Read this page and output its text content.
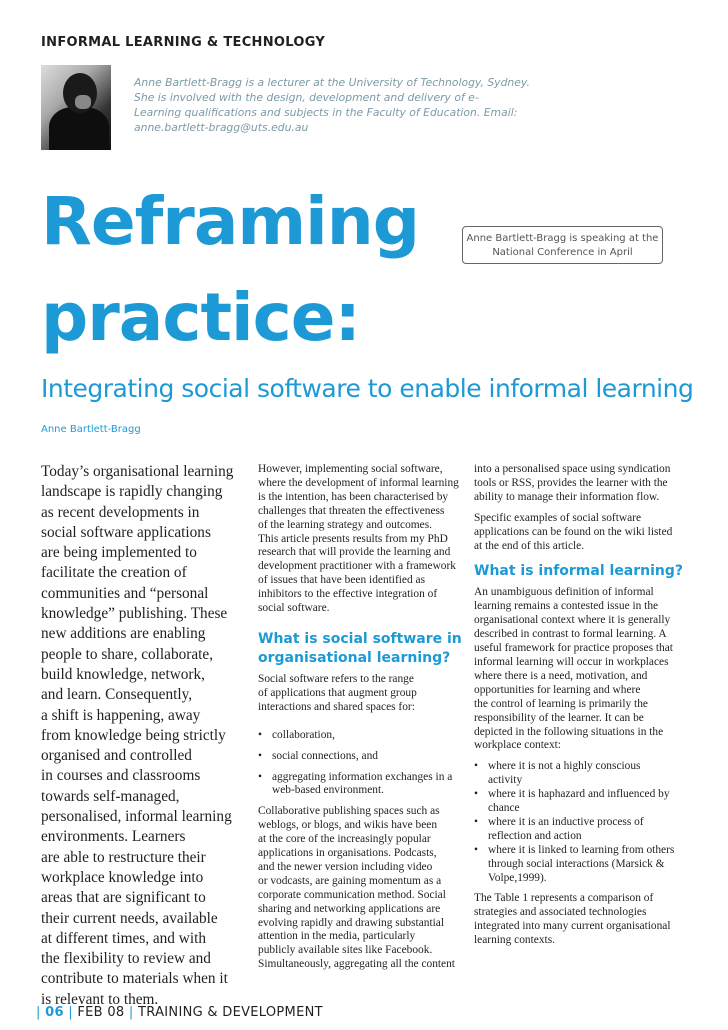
INFORMAL LEARNING & TECHNOLOGY
Anne Bartlett-Bragg is a lecturer at the University of Technology, Sydney.
She is involved with the design, development and delivery of e-
Learning qualifications and subjects in the Faculty of Education. Email:
anne.bartlett-bragg@uts.edu.au
Reframing
practice:
Anne Bartlett-Bragg is speaking at the
National Conference in April
Integrating social software to enable informal learning
Anne Bartlett-Bragg
Today’s organisational learning
landscape is rapidly changing
as recent developments in
social software applications
are being implemented to
facilitate the creation of
communities and “personal
knowledge” publishing. These
new additions are enabling
people to share, collaborate,
build knowledge, network,
and learn. Consequently,
a shift is happening, away
from knowledge being strictly
organised and controlled
in courses and classrooms
towards self-managed,
personalised, informal learning
environments. Learners
are able to restructure their
workplace knowledge into
areas that are significant to
their current needs, available
at different times, and with
the flexibility to review and
contribute to materials when it
is relevant to them.
However, implementing social software,
where the development of informal learning
is the intention, has been characterised by
challenges that threaten the effectiveness
of the learning strategy and outcomes.
This article presents results from my PhD
research that will provide the learning and
development practitioner with a framework
of issues that have been identified as
inhibitors to the effective integration of
social software.
What is social software in
organisational learning?
Social software refers to the range
of applications that augment group
interactions and shared spaces for:
• collaboration,
• social connections, and
• aggregating information exchanges in a
web-based environment.
Collaborative publishing spaces such as
weblogs, or blogs, and wikis have been
at the core of the increasingly popular
applications in organisations. Podcasts,
and the newer version including video
or vodcasts, are gaining momentum as a
corporate communication method. Social
sharing and networking applications are
evolving rapidly and drawing substantial
attention in the media, particularly
publicly available sites like Facebook.
Simultaneously, aggregating all the content
into a personalised space using syndication
tools or RSS, provides the learner with the
ability to manage their information flow.
Specific examples of social software
applications can be found on the wiki listed
at the end of this article.
What is informal learning?
An unambiguous definition of informal
learning remains a contested issue in the
organisational context where it is generally
described in contrast to formal learning. A
useful framework for practice proposes that
informal learning will occur in workplaces
where there is a need, motivation, and
opportunities for learning and where
the control of learning is primarily the
responsibility of the learner. It can be
depicted in the following situations in the
workplace context:
• where it is not a highly conscious
activity
• where it is haphazard and influenced by
chance
• where it is an inductive process of
reflection and action
• where it is linked to learning from others
through social interactions (Marsick &
Volpe,1999).
The Table 1 represents a comparison of
strategies and associated technologies
integrated into many current organisational
learning contexts.
| 06 | FEB 08 | TRAINING & DEVELOPMENT
